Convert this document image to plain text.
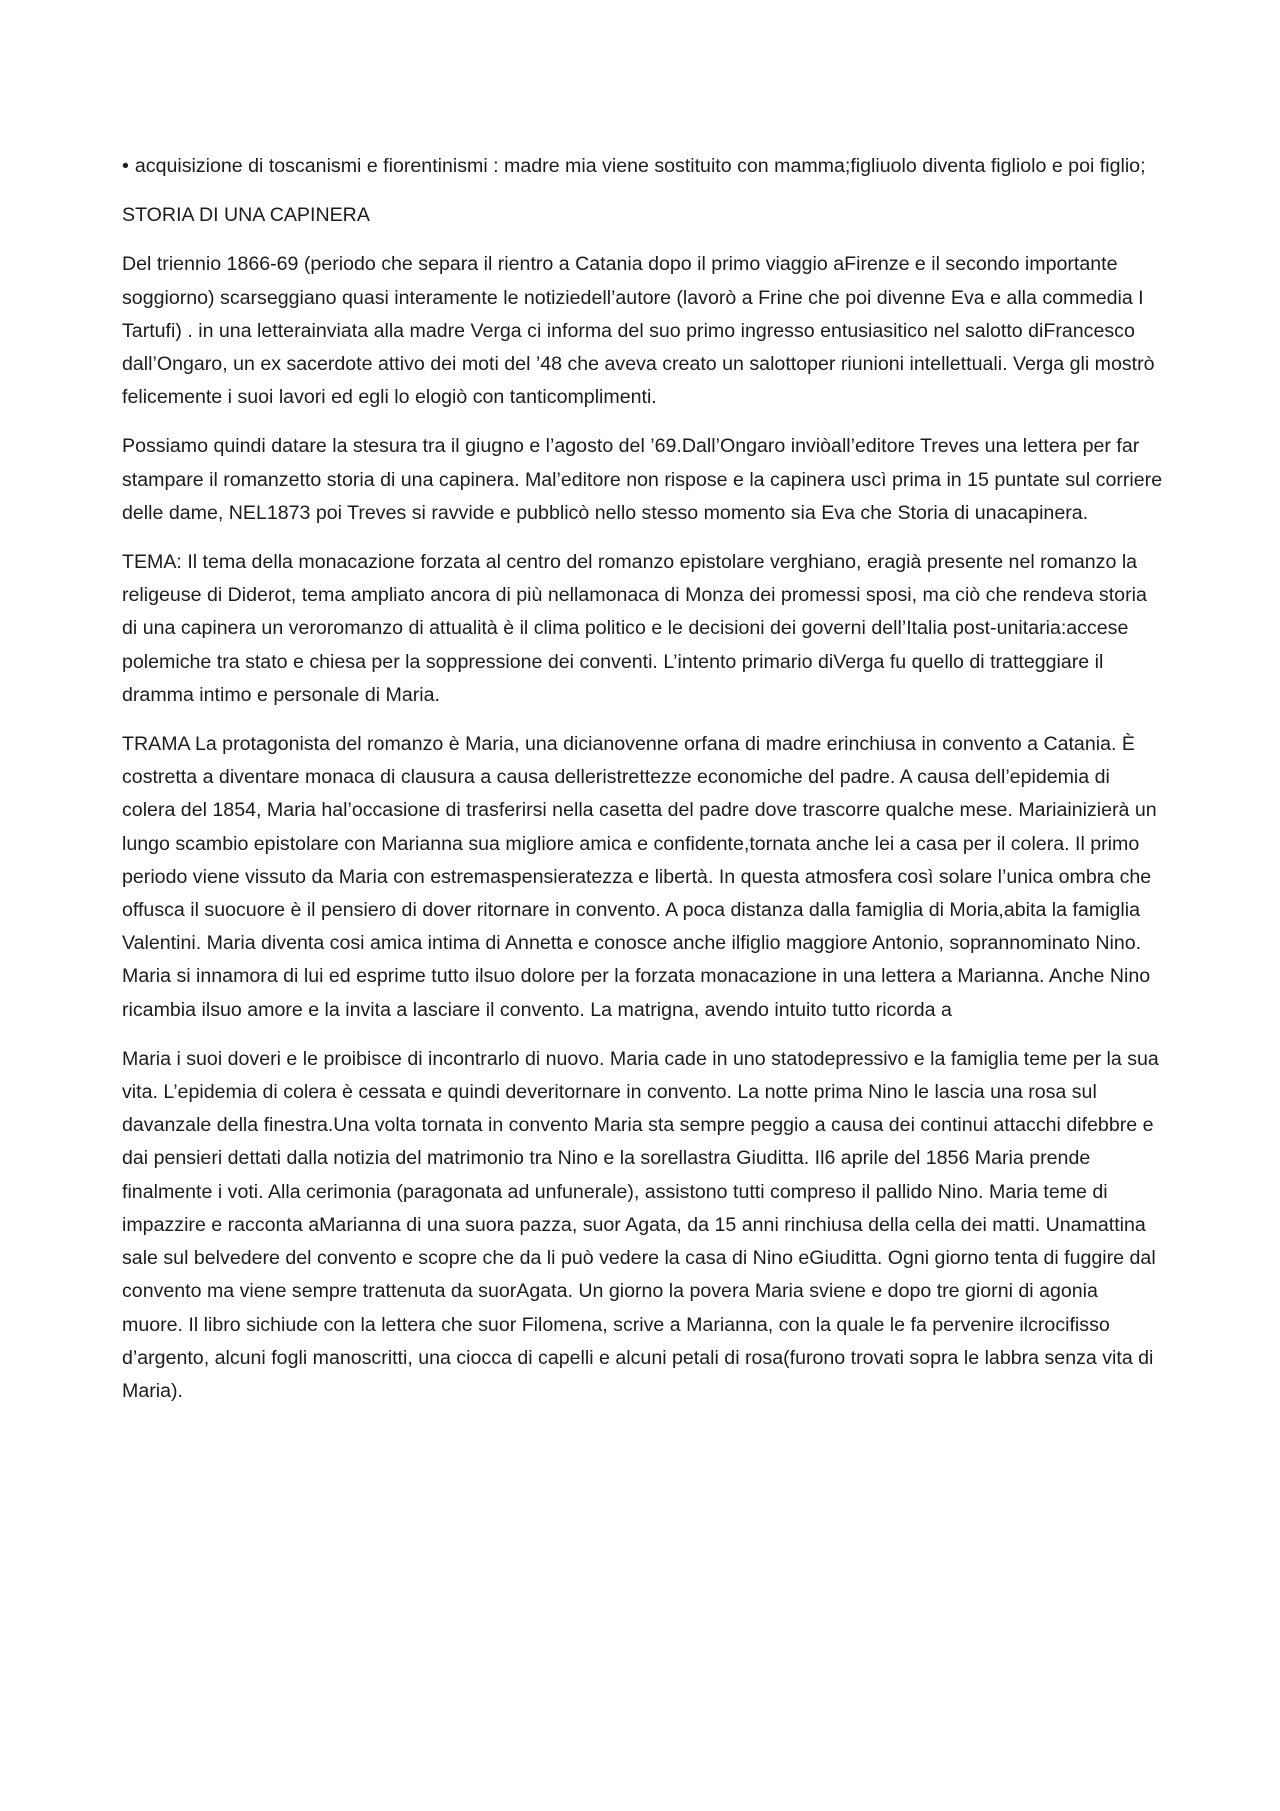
• acquisizione di toscanismi e fiorentinismi : madre mia viene sostituito con mamma;figliuolo diventa figliolo e poi figlio;

STORIA DI UNA CAPINERA

Del triennio 1866-69 (periodo che separa il rientro a Catania dopo il primo viaggio aFirenze e il secondo importante soggiorno) scarseggiano quasi interamente le notiziedell’autore (lavorò a Frine che poi divenne Eva e alla commedia I Tartufi) . in una letterainviata alla madre Verga ci informa del suo primo ingresso entusiasitico nel salotto diFrancesco dall’Ongaro, un ex sacerdote attivo dei moti del ’48 che aveva creato un salottoper riunioni intellettuali. Verga gli mostrò felicemente i suoi lavori ed egli lo elogiò con tanticomplimenti.

Possiamo quindi datare la stesura tra il giugno e l’agosto del ’69.Dall’Ongaro inviòall’editore Treves una lettera per far stampare il romanzetto storia di una capinera. Mal’editore non rispose e la capinera uscì prima in 15 puntate sul corriere delle dame, NEL1873 poi Treves si ravvide e pubblicò nello stesso momento sia Eva che Storia di unacapinera.

TEMA: Il tema della monacazione forzata al centro del romanzo epistolare verghiano, eragià presente nel romanzo la religeuse di Diderot, tema ampliato ancora di più nellamonaca di Monza dei promessi sposi, ma ciò che rendeva storia di una capinera un veroromanzo di attualità è il clima politico e le decisioni dei governi dell’Italia post-unitaria:accese polemiche tra stato e chiesa per la soppressione dei conventi. L’intento primario diVerga fu quello di tratteggiare il dramma intimo e personale di Maria.

TRAMA La protagonista del romanzo è Maria, una dicianovenne orfana di madre erinchiusa in convento a Catania. È costretta a diventare monaca di clausura a causa delleristrettezze economiche del padre. A causa dell’epidemia di colera del 1854, Maria hal’occasione di trasferirsi nella casetta del padre dove trascorre qualche mese. Mariainizierà un lungo scambio epistolare con Marianna sua migliore amica e confidente,tornata anche lei a casa per il colera. Il primo periodo viene vissuto da Maria con estremaspensieratezza e libertà. In questa atmosfera così solare l’unica ombra che offusca il suocuore è il pensiero di dover ritornare in convento. A poca distanza dalla famiglia di Moria,abita la famiglia Valentini. Maria diventa cosi amica intima di Annetta e conosce anche ilfiglio maggiore Antonio, soprannominato Nino. Maria si innamora di lui ed esprime tutto ilsuo dolore per la forzata monacazione in una lettera a Marianna. Anche Nino ricambia ilsuo amore e la invita a lasciare il convento. La matrigna, avendo intuito tutto ricorda a

Maria i suoi doveri e le proibisce di incontrarlo di nuovo. Maria cade in uno statodepressivo e la famiglia teme per la sua vita. L’epidemia di colera è cessata e quindi deveritornare in convento. La notte prima Nino le lascia una rosa sul davanzale della finestra.Una volta tornata in convento Maria sta sempre peggio a causa dei continui attacchi difebbre e dai pensieri dettati dalla notizia del matrimonio tra Nino e la sorellastra Giuditta. Il6 aprile del 1856 Maria prende finalmente i voti. Alla cerimonia (paragonata ad unfunerale), assistono tutti compreso il pallido Nino. Maria teme di impazzire e racconta aMarianna di una suora pazza, suor Agata, da 15 anni rinchiusa della cella dei matti. Unamattina sale sul belvedere del convento e scopre che da li può vedere la casa di Nino eGiuditta. Ogni giorno tenta di fuggire dal convento ma viene sempre trattenuta da suorAgata. Un giorno la povera Maria sviene e dopo tre giorni di agonia muore. Il libro sichiude con la lettera che suor Filomena, scrive a Marianna, con la quale le fa pervenire ilcrocifisso d’argento, alcuni fogli manoscritti, una ciocca di capelli e alcuni petali di rosa(furono trovati sopra le labbra senza vita di Maria).
